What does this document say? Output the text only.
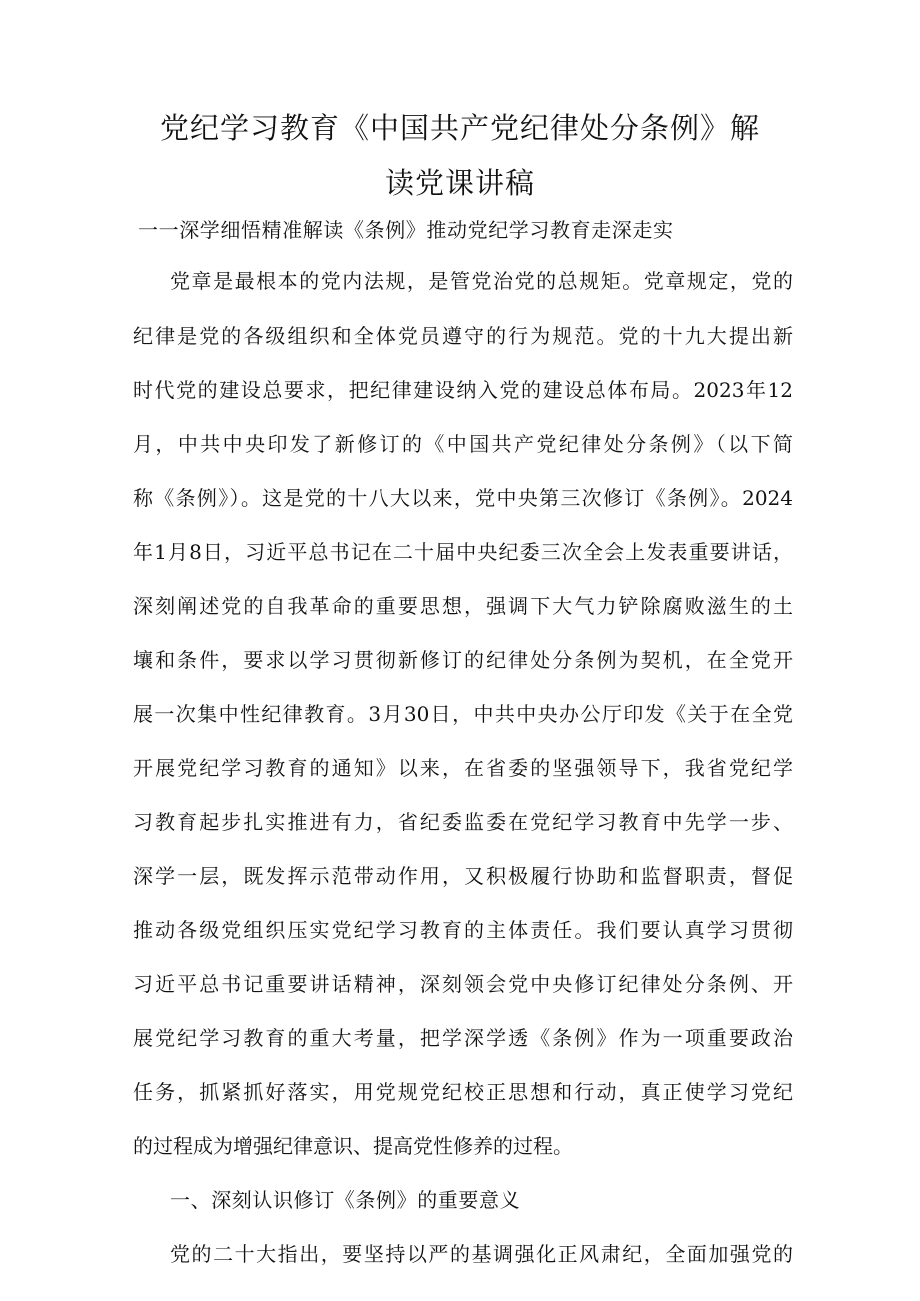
党纪学习教育《中国共产党纪律处分条例》解
读党课讲稿
一一深学细悟精准解读《条例》推动党纪学习教育走深走实
党章是最根本的党内法规，是管党治党的总规矩。党章规定，党的
纪律是党的各级组织和全体党员遵守的行为规范。党的十九大提出新
时代党的建设总要求，把纪律建设纳入党的建设总体布局。2023年12
月，中共中央印发了新修订的《中国共产党纪律处分条例》（以下简
称《条例》）。这是党的十八大以来，党中央第三次修订《条例》。2024
年1月8日，习近平总书记在二十届中央纪委三次全会上发表重要讲话，
深刻阐述党的自我革命的重要思想，强调下大气力铲除腐败滋生的土
壤和条件，要求以学习贯彻新修订的纪律处分条例为契机，在全党开
展一次集中性纪律教育。3月30日，中共中央办公厅印发《关于在全党
开展党纪学习教育的通知》以来，在省委的坚强领导下，我省党纪学
习教育起步扎实推进有力，省纪委监委在党纪学习教育中先学一步、
深学一层，既发挥示范带动作用，又积极履行协助和监督职责，督促
推动各级党组织压实党纪学习教育的主体责任。我们要认真学习贯彻
习近平总书记重要讲话精神，深刻领会党中央修订纪律处分条例、开
展党纪学习教育的重大考量，把学深学透《条例》作为一项重要政治
任务，抓紧抓好落实，用党规党纪校正思想和行动，真正使学习党纪
的过程成为增强纪律意识、提高党性修养的过程。
一、深刻认识修订《条例》的重要意义
党的二十大指出，要坚持以严的基调强化正风肃纪，全面加强党的
